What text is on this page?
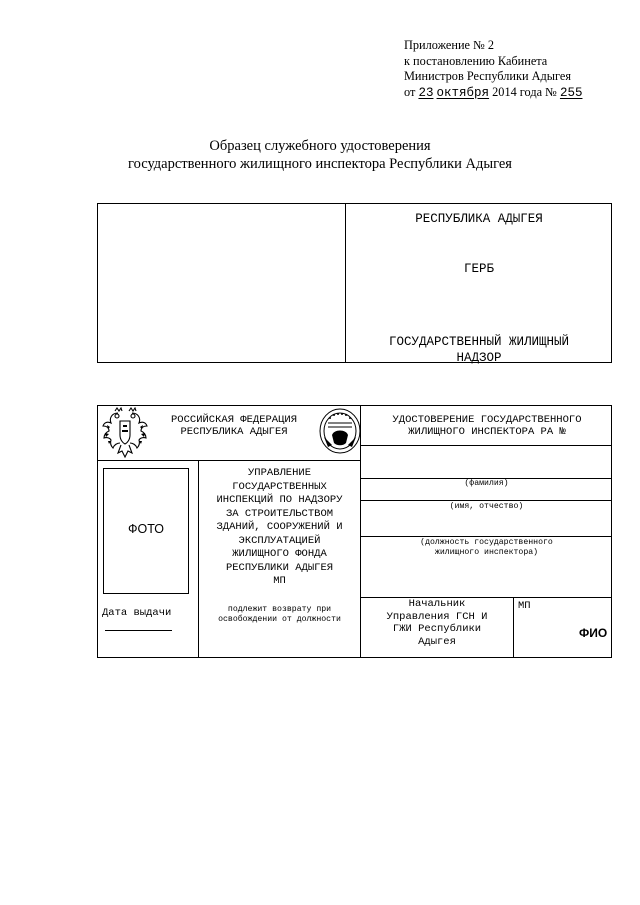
Приложение № 2
к постановлению Кабинета
Министров Республики Адыгея
от 23 октября 2014 года № 255
Образец служебного удостоверения
государственного жилищного инспектора Республики Адыгея
РЕСПУБЛИКА АДЫГЕЯ
ГЕРБ
ГОСУДАРСТВЕННЫЙ ЖИЛИЩНЫЙ
НАДЗОР
РОССИЙСКАЯ ФЕДЕРАЦИЯ
РЕСПУБЛИКА АДЫГЕЯ
УДОСТОВЕРЕНИЕ ГОСУДАРСТВЕННОГО
ЖИЛИЩНОГО ИНСПЕКТОРА РА №
ФОТО
Дата выдачи
УПРАВЛЕНИЕ
ГОСУДАРСТВЕННЫХ
ИНСПЕКЦИЙ ПО НАДЗОРУ
ЗА СТРОИТЕЛЬСТВОМ
ЗДАНИЙ, СООРУЖЕНИЙ И
ЭКСПЛУАТАЦИЕЙ
ЖИЛИЩНОГО ФОНДА
РЕСПУБЛИКИ АДЫГЕЯ
МП
подлежит возврату при
освобождении от должности
(фамилия)
(имя, отчество)
(должность государственного
жилищного инспектора)
Начальник
Управления ГСН И
ГЖИ Республики
Адыгея
МП
ФИО
